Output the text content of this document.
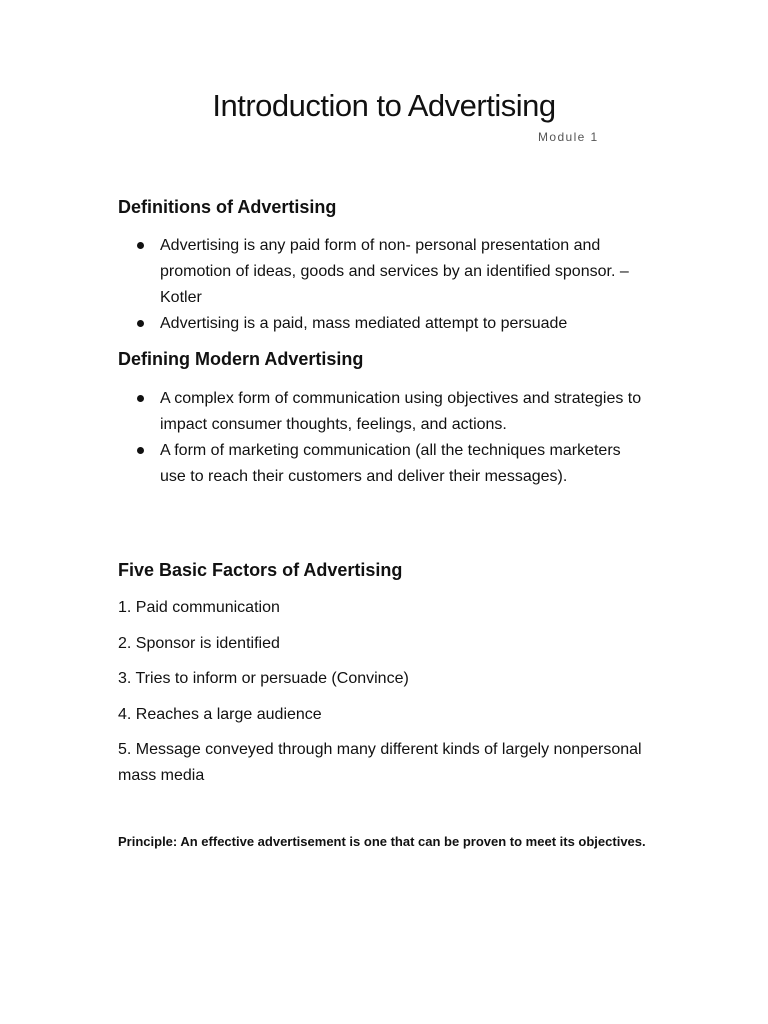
Introduction to Advertising
Module 1
Definitions of Advertising
Advertising is any paid form of non- personal presentation and promotion of ideas, goods and services by an identified sponsor. – Kotler
Advertising is a paid, mass mediated attempt to persuade
Defining Modern Advertising
A complex form of communication using objectives and strategies to impact consumer thoughts, feelings, and actions.
A form of marketing communication (all the techniques marketers use to reach their customers and deliver their messages).
Five Basic Factors of Advertising

1. Paid communication

2. Sponsor is identified

3. Tries to inform or persuade (Convince)

4. Reaches a large audience

5. Message conveyed through many different kinds of largely nonpersonal mass media

Principle: An effective advertisement is one that can be proven to meet its objectives.
